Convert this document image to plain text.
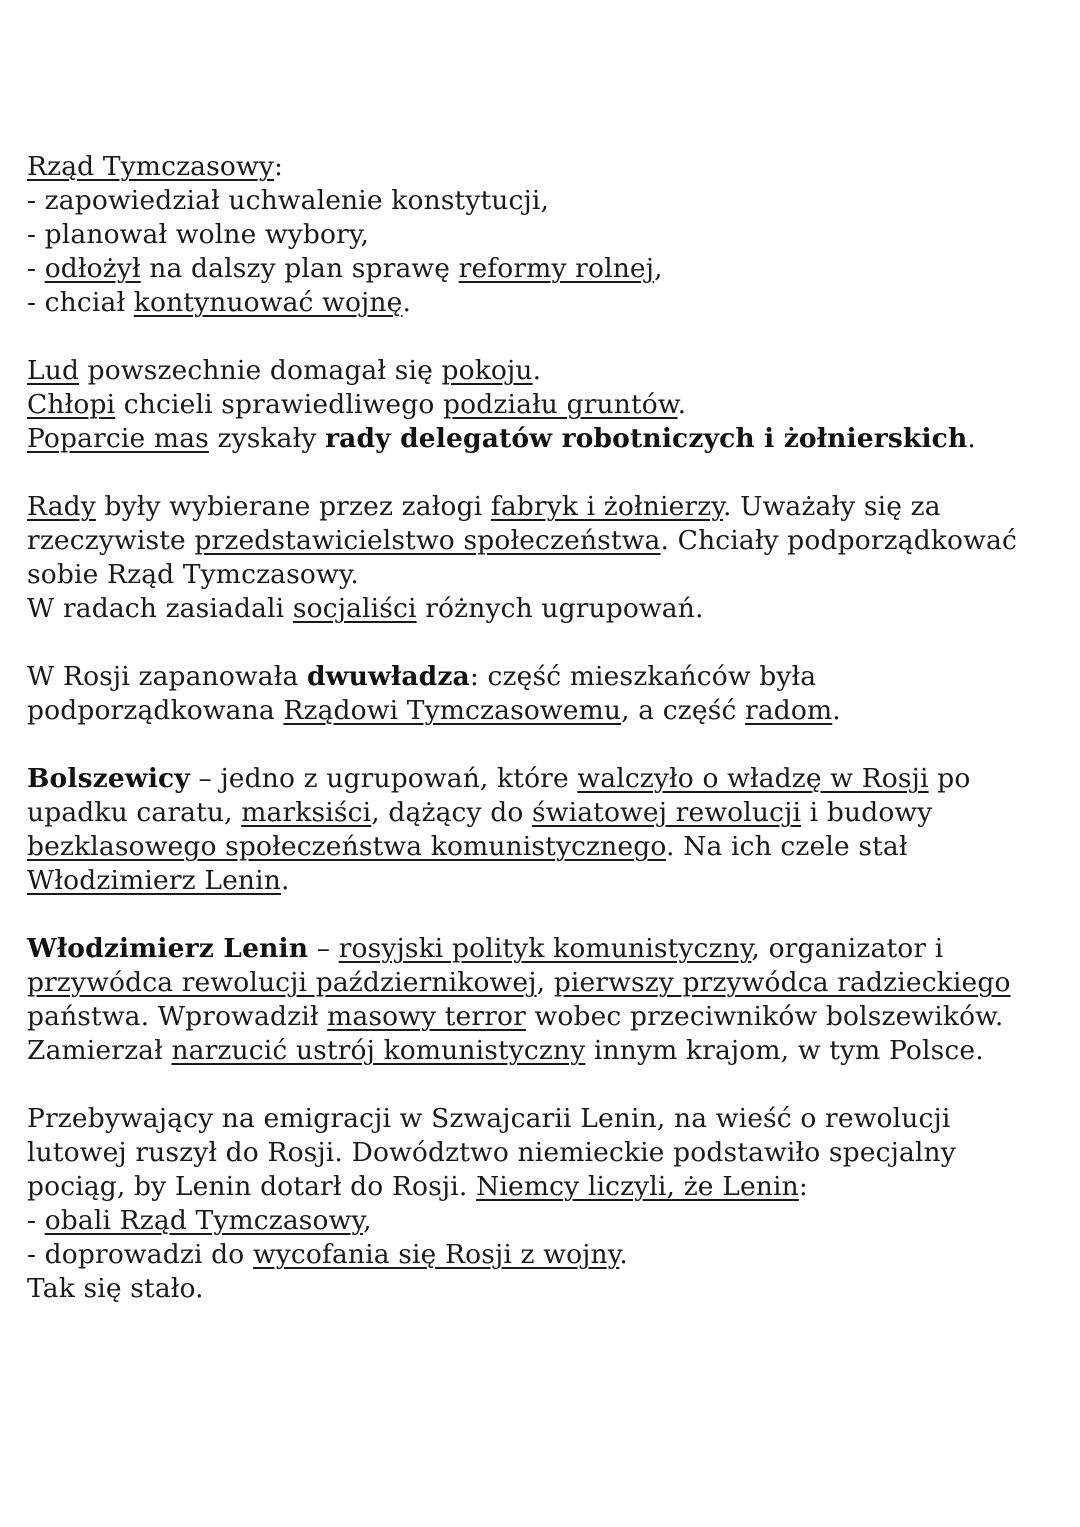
Rząd Tymczasowy:

- zapowiedział uchwalenie konstytucji,

- planował wolne wybory,

- odłożył na dalszy plan sprawę reformy rolnej,

- chciał kontynuować wojnę.

Lud powszechnie domagał się pokoju.

Chłopi chcieli sprawiedliwego podziału gruntów.

Poparcie mas zyskały rady delegatów robotniczych i żołnierskich.

Rady były wybierane przez załogi fabryk i żołnierzy. Uważały się za rzeczywiste przedstawicielstwo społeczeństwa. Chciały podporządkować sobie Rząd Tymczasowy.

W radach zasiadali socjaliści różnych ugrupowań.

W Rosji zapanowała dwuwładza: część mieszkańców była podporządkowana Rządowi Tymczasowemu, a część radom.

Bolszewicy – jedno z ugrupowań, które walczyło o władzę w Rosji po upadku caratu, marksiści, dążący do światowej rewolucji i budowy bezklasowego społeczeństwa komunistycznego. Na ich czele stał Włodzimierz Lenin.

Włodzimierz Lenin – rosyjski polityk komunistyczny, organizator i przywódca rewolucji październikowej, pierwszy przywódca radzieckiego państwa. Wprowadził masowy terror wobec przeciwników bolszewików. Zamierzał narzucić ustrój komunistyczny innym krajom, w tym Polsce.

Przebywający na emigracji w Szwajcarii Lenin, na wieść o rewolucji lutowej ruszył do Rosji. Dowództwo niemieckie podstawiło specjalny pociąg, by Lenin dotarł do Rosji. Niemcy liczyli, że Lenin:

- obali Rząd Tymczasowy,

- doprowadzi do wycofania się Rosji z wojny.

Tak się stało.
